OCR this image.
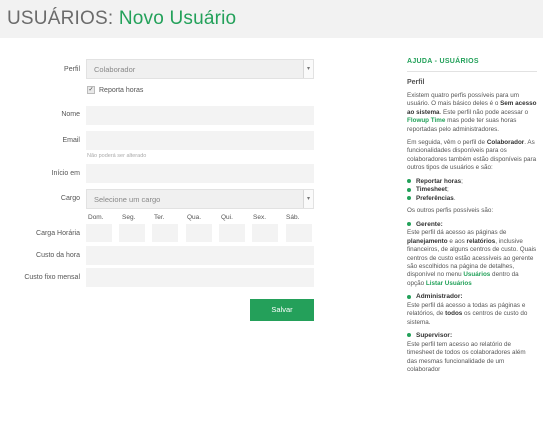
USUÁRIOS: Novo Usuário
Perfil	Colaborador	▾
✓ Reporta horas
Nome
Email
Não poderá ser alterado
Início em
Cargo	Selecione um cargo	▾
Dom.	Seg.	Ter.	Qua.	Qui.	Sex.	Sáb.
Carga Horária
Custo da hora
Custo fixo mensal
Salvar
AJUDA - USUÁRIOS
Perfil

Existem quatro perfis possíveis para um usuário. O mais básico deles é o Sem acesso ao sistema. Este perfil não pode acessar o Flowup Time mas pode ter suas horas reportadas pelo administradores.

Em seguida, vêm o perfil de Colaborador. As funcionalidades disponíveis para os colaboradores também estão disponíveis para outros tipos de usuários e são:

Reportar horas;
Timesheet;
Preferências.

Os outros perfis possíveis são:

Gerente:

Este perfil dá acesso as páginas de planejamento e aos relatórios, inclusive financeiros, de alguns centros de custo. Quais centros de custo estão acessíveis ao gerente são escolhidos na página de detalhes, disponível no menu Usuários dentro da opção Listar Usuários

Administrador:

Este perfil dá acesso a todas as páginas e relatórios, de todos os centros de custo do sistema.

Supervisor:

Este perfil tem acesso ao relatório de timesheet de todos os colaboradores além das mesmas funcionalidade de um colaborador
